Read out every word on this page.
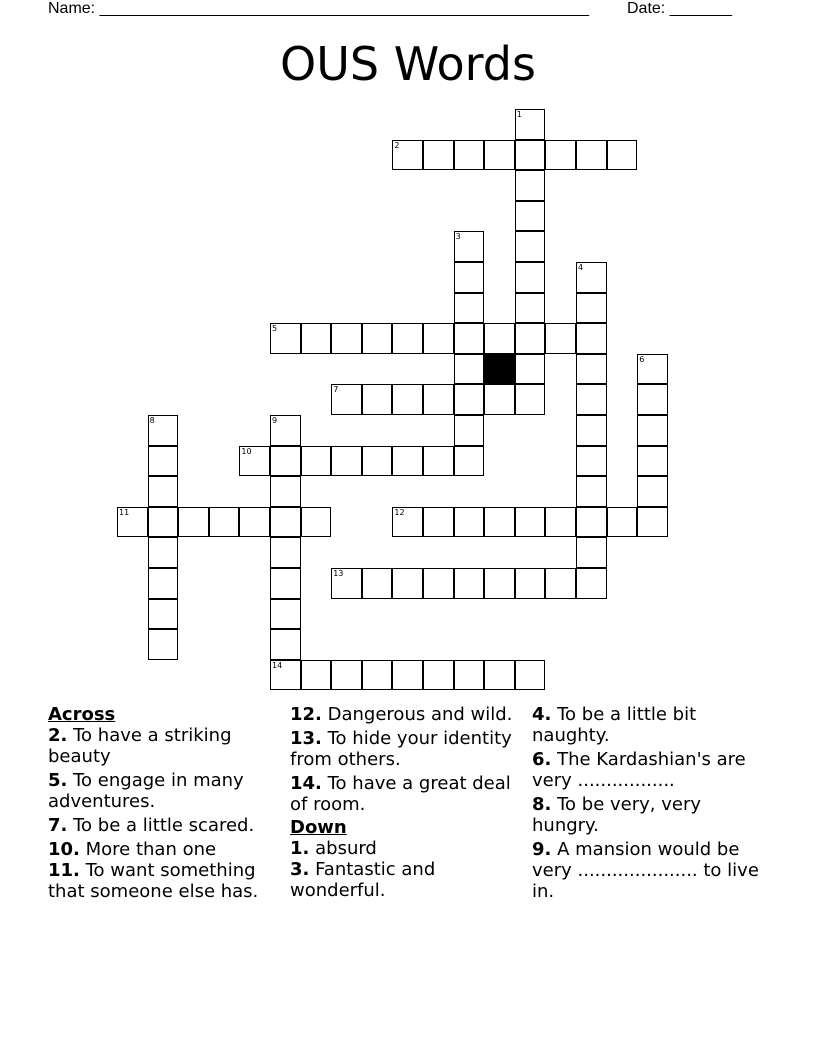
Name: _______________________________________________________ Date: _______
OUS Words
1
2
3
4
5
6
7
8	9
10
11	12
13
14
Across
2. To have a striking beauty
5. To engage in many adventures.
7. To be a little scared.
10. More than one
11. To want something that someone else has.
12. Dangerous and wild.
13. To hide your identity from others.
14. To have a great deal of room.
Down
1. absurd
3. Fantastic and wonderful.
4. To be a little bit naughty.
6. The Kardashian's are very .................
8. To be very, very hungry.
9. A mansion would be very ..................... to live in.
